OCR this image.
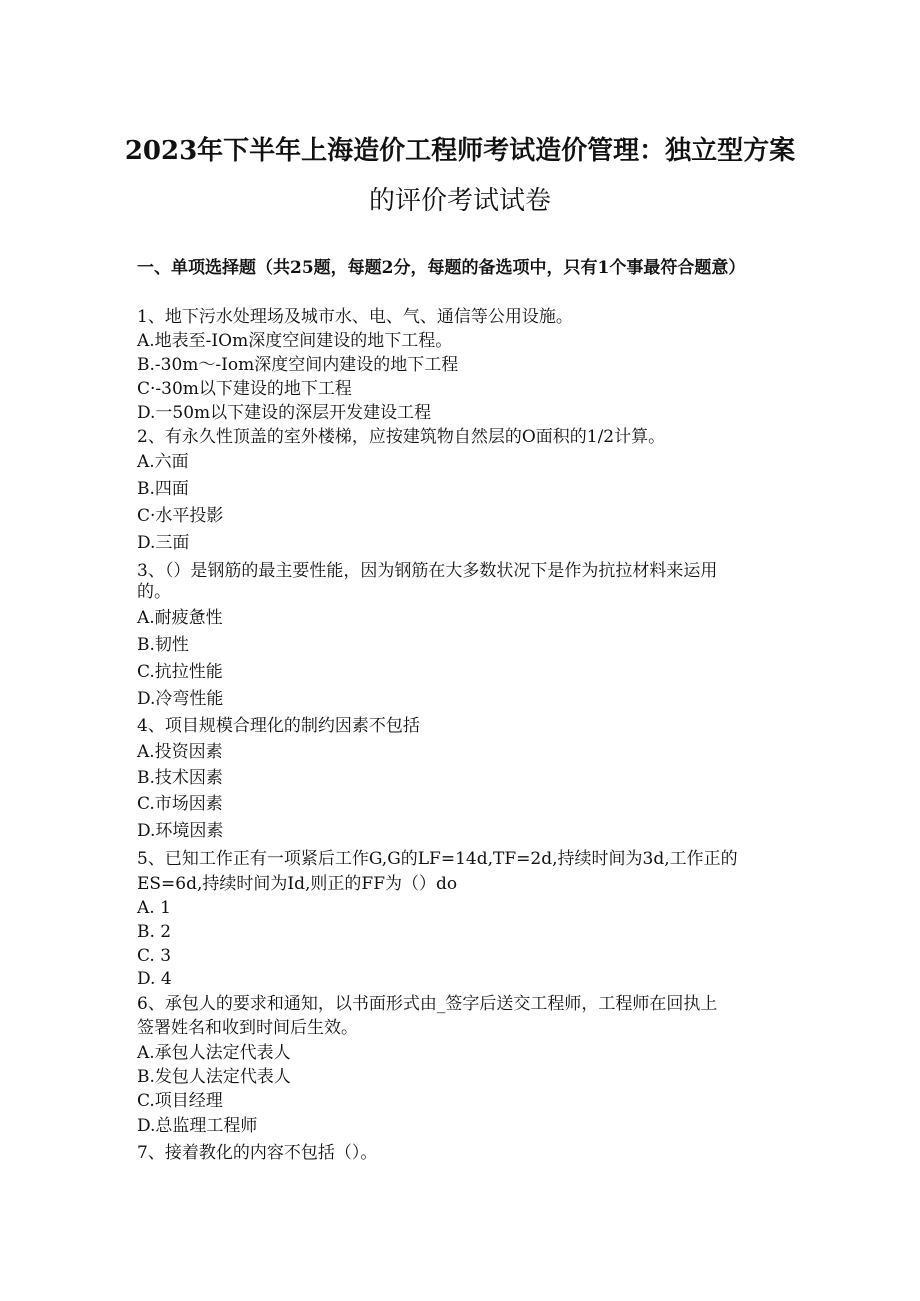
2023年下半年上海造价工程师考试造价管理：独立型方案
的评价考试试卷
一、单项选择题（共25题，每题2分，每题的备选项中，只有1个事最符合题意）
1、地下污水处理场及城市水、电、气、通信等公用设施。
A.地表至-IOm深度空间建设的地下工程。
B.-30m～-Iom深度空间内建设的地下工程
C·-30m以下建设的地下工程
D.一50m以下建设的深层开发建设工程
2、有永久性顶盖的室外楼梯，应按建筑物自然层的O面积的1/2计算。
A.六面
B.四面
C·水平投影
D.三面
3、（）是钢筋的最主要性能，因为钢筋在大多数状况下是作为抗拉材料来运用
的。
A.耐疲惫性
B.韧性
C.抗拉性能
D.冷弯性能
4、项目规模合理化的制约因素不包括
A.投资因素
B.技术因素
C.市场因素
D.环境因素
5、已知工作正有一项紧后工作G,G的LF=14d,TF=2d,持续时间为3d,工作正的
ES=6d,持续时间为Id,则正的FF为（）do
A. 1
B. 2
C. 3
D. 4
6、承包人的要求和通知，以书面形式由_签字后送交工程师，工程师在回执上
签署姓名和收到时间后生效。
A.承包人法定代表人
B.发包人法定代表人
C.项目经理
D.总监理工程师
7、接着教化的内容不包括（）。
